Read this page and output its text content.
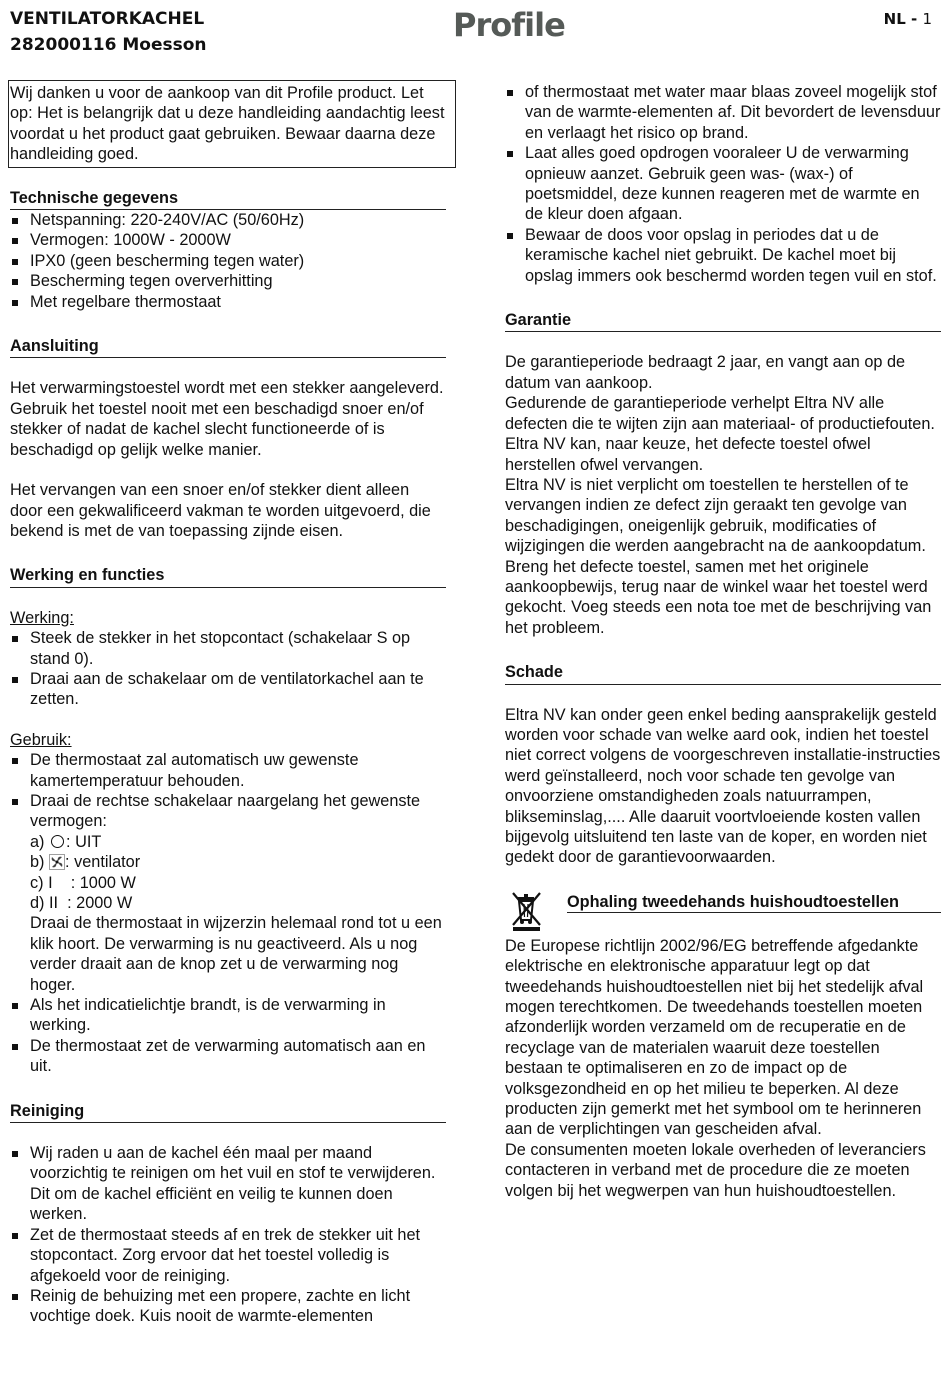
VENTILATORKACHEL
282000116 Moesson
Profile	NL - 1
Wij danken u voor de aankoop van dit Profile product. Let op: Het is belangrijk dat u deze handleiding aandachtig leest voordat u het product gaat gebruiken. Bewaar daarna deze handleiding goed.
Technische gegevens
Netspanning: 220-240V/AC (50/60Hz)
Vermogen: 1000W - 2000W
IPX0 (geen bescherming tegen water)
Bescherming tegen oververhitting
Met regelbare thermostaat
Aansluiting

Het verwarmingstoestel wordt met een stekker aangeleverd. Gebruik het toestel nooit met een beschadigd snoer en/of stekker of nadat de kachel slecht functioneerde of is beschadigd op gelijk welke manier.

Het vervangen van een snoer en/of stekker dient alleen door een gekwalificeerd vakman te worden uitgevoerd, die bekend is met de van toepassing zijnde eisen.

Werking en functies
Werking:
Steek de stekker in het stopcontact (schakelaar S op stand 0).
Draai aan de schakelaar om de ventilatorkachel aan te zetten.
Gebruik:
De thermostaat zal automatisch uw gewenste kamertemperatuur behouden.
Draai de rechtse schakelaar naargelang het gewenste vermogen:
a) : UIT
b) : ventilator
c) I    : 1000 W
d) II  : 2000 W
Draai de thermostaat in wijzerzin helemaal rond tot u een klik hoort. De verwarming is nu geactiveerd. Als u nog verder draait aan de knop zet u de verwarming nog hoger.
Als het indicatielichtje brandt, is de verwarming in werking.
De thermostaat zet de verwarming automatisch aan en uit.
Reiniging
Wij raden u aan de kachel één maal per maand voorzichtig te reinigen om het vuil en stof te verwijderen. Dit om de kachel efficiënt en veilig te kunnen doen werken.
Zet de thermostaat steeds af en trek de stekker uit het stopcontact. Zorg ervoor dat het toestel volledig is afgekoeld voor de reiniging.
Reinig de behuizing met een propere, zachte en licht vochtige doek. Kuis nooit de warmte-elementen
of thermostaat met water maar blaas zoveel mogelijk stof van de warmte-elementen af. Dit bevordert de levensduur en verlaagt het risico op brand.
Laat alles goed opdrogen vooraleer U de verwarming opnieuw aanzet. Gebruik geen was- (wax-) of poetsmiddel, deze kunnen reageren met de warmte en de kleur doen afgaan.
Bewaar de doos voor opslag in periodes dat u de keramische kachel niet gebruikt. De kachel moet bij opslag immers ook beschermd worden tegen vuil en stof.
Garantie

De garantieperiode bedraagt 2 jaar, en vangt aan op de datum van aankoop.

Gedurende de garantieperiode verhelpt Eltra NV alle defecten die te wijten zijn aan materiaal- of productiefouten. Eltra NV kan, naar keuze, het defecte toestel ofwel herstellen ofwel vervangen.

Eltra NV is niet verplicht om toestellen te herstellen of te vervangen indien ze defect zijn geraakt ten gevolge van beschadigingen, oneigenlijk gebruik, modificaties of wijzigingen die werden aangebracht na de aankoopdatum.

Breng het defecte toestel, samen met het originele aankoopbewijs, terug naar de winkel waar het toestel werd gekocht. Voeg steeds een nota toe met de beschrijving van het probleem.

Schade

Eltra NV kan onder geen enkel beding aansprakelijk gesteld worden voor schade van welke aard ook, indien het toestel niet correct volgens de voorgeschreven installatie-instructies werd geïnstalleerd, noch voor schade ten gevolge van onvoorziene omstandigheden zoals natuurrampen, blikseminslag,.... Alle daaruit voortvloeiende kosten vallen bijgevolg uitsluitend ten laste van de koper, en worden niet gedekt door de garantievoorwaarden.

Ophaling tweedehands huishoudtoestellen

De Europese richtlijn 2002/96/EG betreffende afgedankte elektrische en elektronische apparatuur legt op dat tweedehands huishoudtoestellen niet bij het stedelijk afval mogen terechtkomen. De tweedehands toestellen moeten afzonderlijk worden verzameld om de recuperatie en de recyclage van de materialen waaruit deze toestellen bestaan te optimaliseren en zo de impact op de volksgezondheid en op het milieu te beperken. Al deze producten zijn gemerkt met het symbool om te herinneren aan de verplichtingen van gescheiden afval.

De consumenten moeten lokale overheden of leveranciers contacteren in verband met de procedure die ze moeten volgen bij het wegwerpen van hun huishoudtoestellen.
